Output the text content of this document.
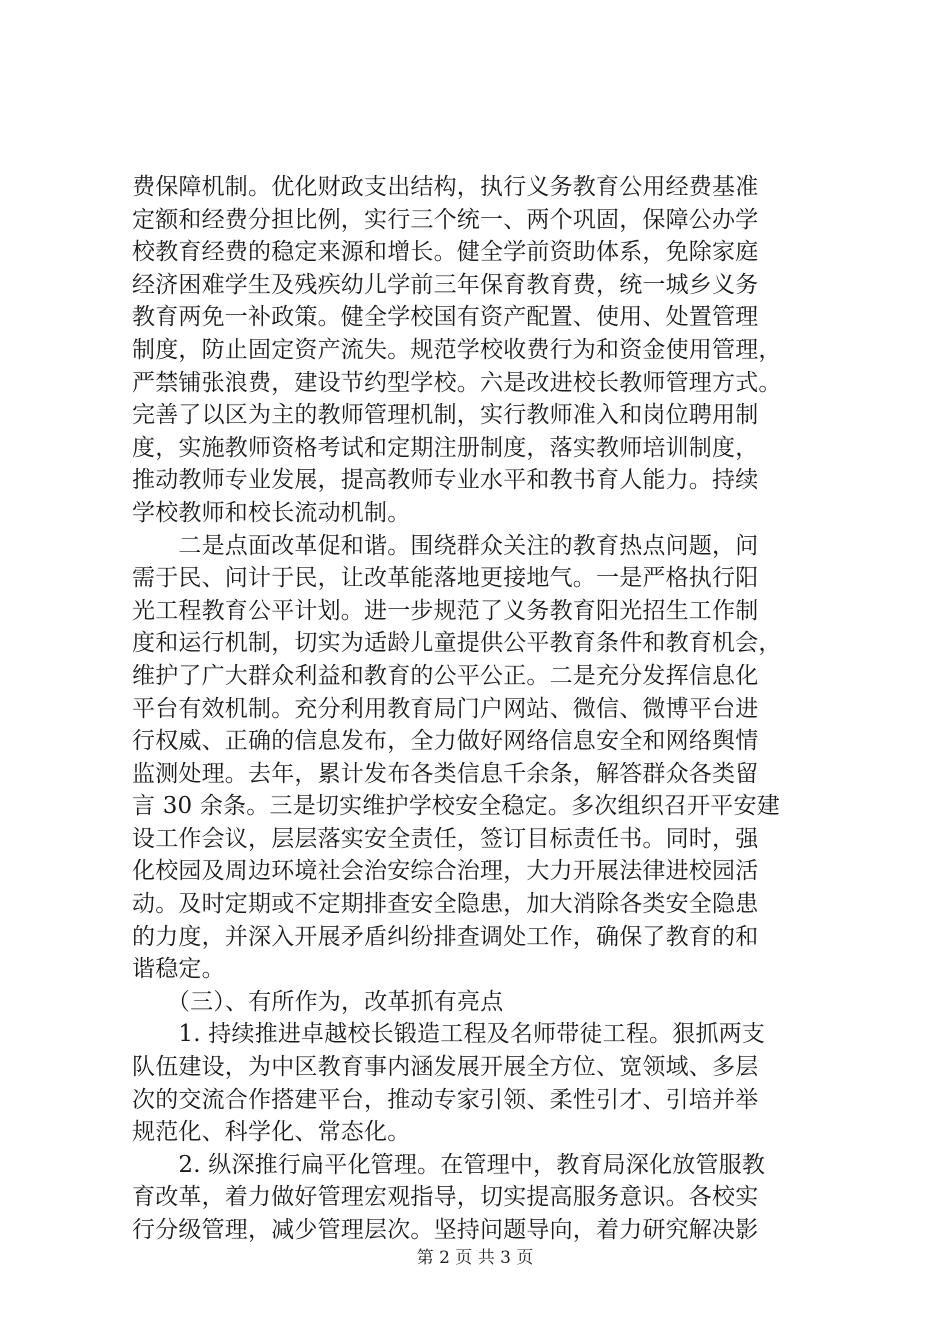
费保障机制。优化财政支出结构，执行义务教育公用经费基准
定额和经费分担比例，实行三个统一、两个巩固，保障公办学
校教育经费的稳定来源和增长。健全学前资助体系，免除家庭
经济困难学生及残疾幼儿学前三年保育教育费，统一城乡义务
教育两免一补政策。健全学校国有资产配置、使用、处置管理
制度，防止固定资产流失。规范学校收费行为和资金使用管理，
严禁铺张浪费，建设节约型学校。六是改进校长教师管理方式。
完善了以区为主的教师管理机制，实行教师准入和岗位聘用制
度，实施教师资格考试和定期注册制度，落实教师培训制度，
推动教师专业发展，提高教师专业水平和教书育人能力。持续
学校教师和校长流动机制。
　　二是点面改革促和谐。围绕群众关注的教育热点问题，问
需于民、问计于民，让改革能落地更接地气。一是严格执行阳
光工程教育公平计划。进一步规范了义务教育阳光招生工作制
度和运行机制，切实为适龄儿童提供公平教育条件和教育机会，
维护了广大群众利益和教育的公平公正。二是充分发挥信息化
平台有效机制。充分利用教育局门户网站、微信、微博平台进
行权威、正确的信息发布，全力做好网络信息安全和网络舆情
监测处理。去年，累计发布各类信息千余条，解答群众各类留
言 30 余条。三是切实维护学校安全稳定。多次组织召开平安建
设工作会议，层层落实安全责任，签订目标责任书。同时，强
化校园及周边环境社会治安综合治理，大力开展法律进校园活
动。及时定期或不定期排查安全隐患，加大消除各类安全隐患
的力度，并深入开展矛盾纠纷排查调处工作，确保了教育的和
谐稳定。
　　（三）、有所作为，改革抓有亮点
　　1. 持续推进卓越校长锻造工程及名师带徒工程。狠抓两支
队伍建设，为中区教育事内涵发展开展全方位、宽领域、多层
次的交流合作搭建平台，推动专家引领、柔性引才、引培并举
规范化、科学化、常态化。
　　2. 纵深推行扁平化管理。在管理中，教育局深化放管服教
育改革，着力做好管理宏观指导，切实提高服务意识。各校实
行分级管理，减少管理层次。坚持问题导向，着力研究解决影
第 2 页 共 3 页
